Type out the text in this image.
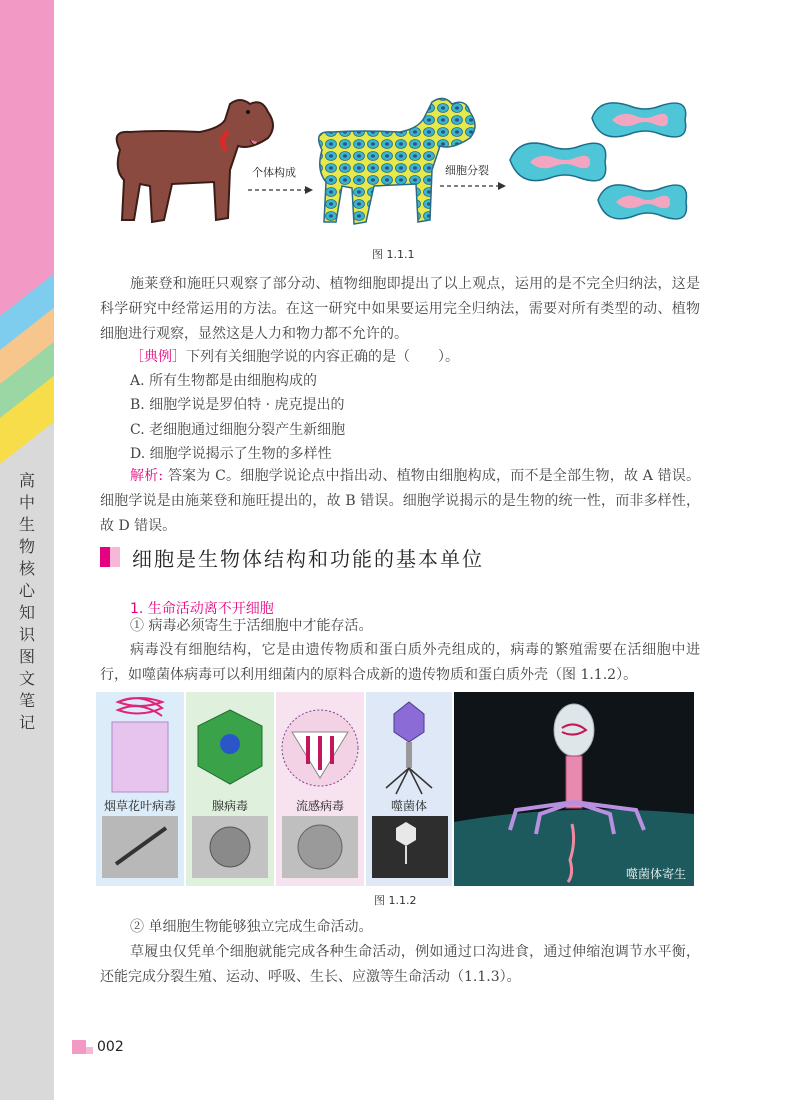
高中生物核心知识图文笔记
个体构成	细胞分裂
图 1.1.1

施莱登和施旺只观察了部分动、植物细胞即提出了以上观点，运用的是不完全归纳法，这是科学研究中经常运用的方法。在这一研究中如果要运用完全归纳法，需要对所有类型的动、植物细胞进行观察，显然这是人力和物力都不允许的。

［典例］下列有关细胞学说的内容正确的是（　　）。
A. 所有生物都是由细胞构成的
B. 细胞学说是罗伯特 · 虎克提出的
C. 老细胞通过细胞分裂产生新细胞
D. 细胞学说揭示了生物的多样性
解析: 答案为 C。细胞学说论点中指出动、植物由细胞构成，而不是全部生物，故 A 错误。细胞学说是由施莱登和施旺提出的，故 B 错误。细胞学说揭示的是生物的统一性，而非多样性，故 D 错误。
细胞是生物体结构和功能的基本单位
1. 生命活动离不开细胞
① 病毒必须寄生于活细胞中才能存活。

病毒没有细胞结构，它是由遗传物质和蛋白质外壳组成的，病毒的繁殖需要在活细胞中进行，如噬菌体病毒可以利用细菌内的原料合成新的遗传物质和蛋白质外壳（图 1.1.2）。

烟草花叶病毒	腺病毒	流感病毒	噬菌体
噬菌体寄生
图 1.1.2
② 单细胞生物能够独立完成生命活动。

草履虫仅凭单个细胞就能完成各种生命活动，例如通过口沟进食，通过伸缩泡调节水平衡，还能完成分裂生殖、运动、呼吸、生长、应激等生命活动（1.1.3）。

002
